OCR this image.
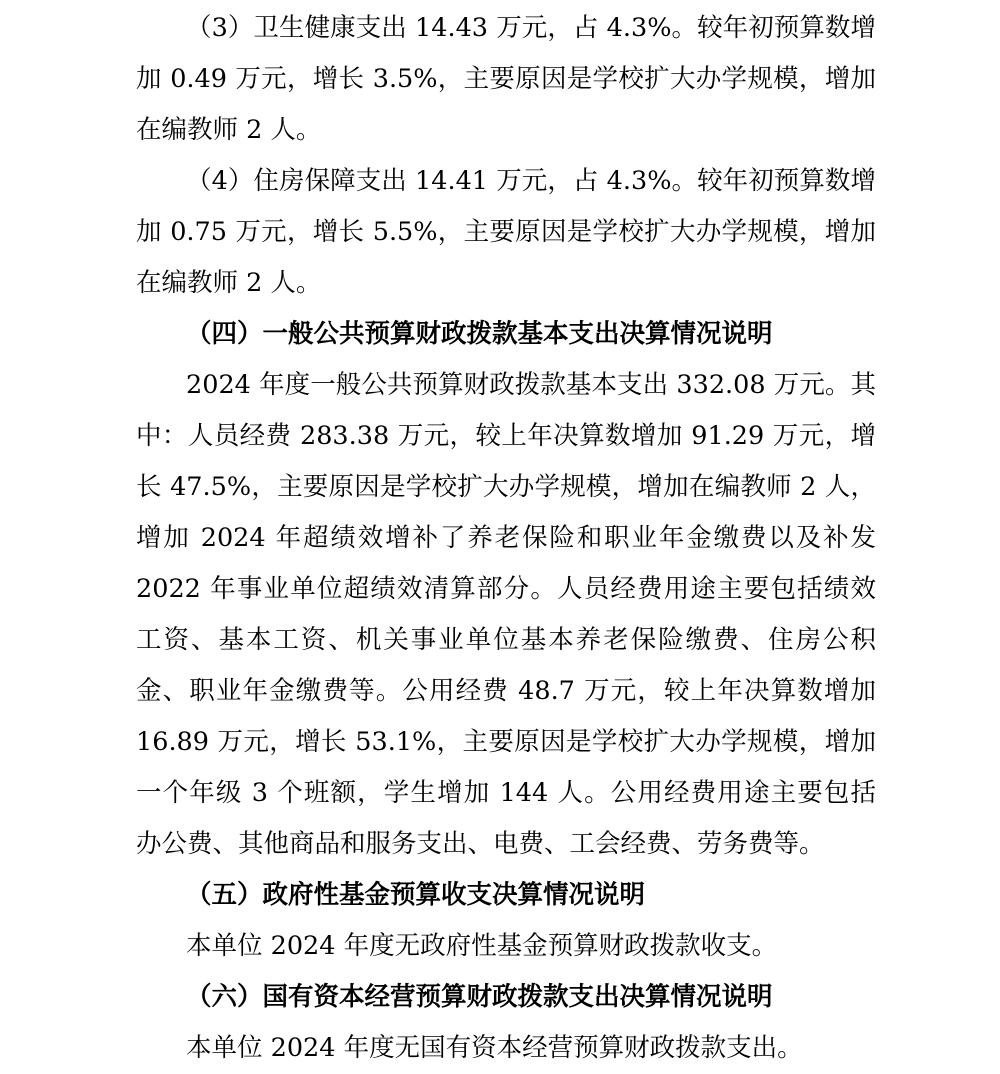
（3）卫生健康支出 14.43 万元，占 4.3%。较年初预算数增
加 0.49 万元，增长 3.5%，主要原因是学校扩大办学规模，增加
在编教师 2 人。
（4）住房保障支出 14.41 万元，占 4.3%。较年初预算数增
加 0.75 万元，增长 5.5%，主要原因是学校扩大办学规模，增加
在编教师 2 人。
（四）一般公共预算财政拨款基本支出决算情况说明
2024 年度一般公共预算财政拨款基本支出 332.08 万元。其
中：人员经费 283.38 万元，较上年决算数增加 91.29 万元，增
长 47.5%，主要原因是学校扩大办学规模，增加在编教师 2 人，
增加 2024 年超绩效增补了养老保险和职业年金缴费以及补发
2022 年事业单位超绩效清算部分。人员经费用途主要包括绩效
工资、基本工资、机关事业单位基本养老保险缴费、住房公积
金、职业年金缴费等。公用经费 48.7 万元，较上年决算数增加
16.89 万元，增长 53.1%，主要原因是学校扩大办学规模，增加
一个年级 3 个班额，学生增加 144 人。公用经费用途主要包括
办公费、其他商品和服务支出、电费、工会经费、劳务费等。
（五）政府性基金预算收支决算情况说明
本单位 2024 年度无政府性基金预算财政拨款收支。
（六）国有资本经营预算财政拨款支出决算情况说明
本单位 2024 年度无国有资本经营预算财政拨款支出。
